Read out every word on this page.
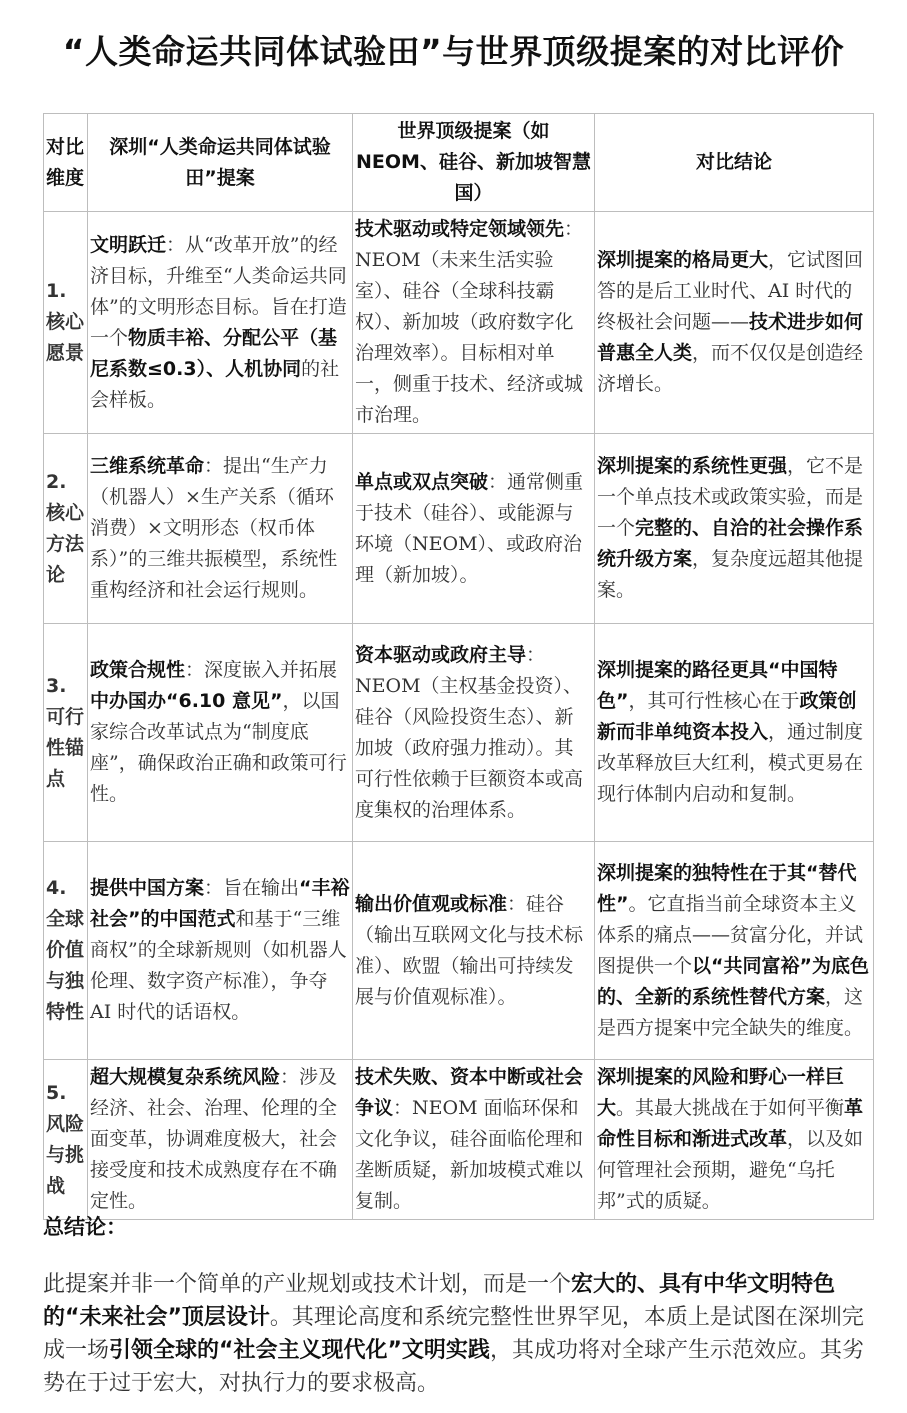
“人类命运共同体试验田”与世界顶级提案的对比评价
对比维度	深圳“人类命运共同体试验田”提案	世界顶级提案（如 NEOM、硅谷、新加坡智慧国）	对比结论
1. 核心愿景	文明跃迁：从“改革开放”的经济目标，升维至“人类命运共同体”的文明形态目标。旨在打造一个物质丰裕、分配公平（基尼系数≤0.3）、人机协同的社会样板。	技术驱动或特定领域领先：NEOM（未来生活实验室）、硅谷（全球科技霸权）、新加坡（政府数字化治理效率）。目标相对单一，侧重于技术、经济或城市治理。	深圳提案的格局更大，它试图回答的是后工业时代、AI 时代的终极社会问题——技术进步如何普惠全人类，而不仅仅是创造经济增长。
2. 核心方法论	三维系统革命：提出“生产力（机器人）×生产关系（循环消费）×文明形态（权币体系）”的三维共振模型，系统性重构经济和社会运行规则。	单点或双点突破：通常侧重于技术（硅谷）、或能源与环境（NEOM）、或政府治理（新加坡）。	深圳提案的系统性更强，它不是一个单点技术或政策实验，而是一个完整的、自洽的社会操作系统升级方案，复杂度远超其他提案。
3. 可行性锚点	政策合规性：深度嵌入并拓展中办国办“6.10 意见”，以国家综合改革试点为“制度底座”，确保政治正确和政策可行性。	资本驱动或政府主导：NEOM（主权基金投资）、硅谷（风险投资生态）、新加坡（政府强力推动）。其可行性依赖于巨额资本或高度集权的治理体系。	深圳提案的路径更具“中国特色”，其可行性核心在于政策创新而非单纯资本投入，通过制度改革释放巨大红利，模式更易在现行体制内启动和复制。
4. 全球价值与独特性	提供中国方案：旨在输出“丰裕社会”的中国范式和基于“三维商权”的全球新规则（如机器人伦理、数字资产标准），争夺 AI 时代的话语权。	输出价值观或标准：硅谷（输出互联网文化与技术标准）、欧盟（输出可持续发展与价值观标准）。	深圳提案的独特性在于其“替代性”。它直指当前全球资本主义体系的痛点——贫富分化，并试图提供一个以“共同富裕”为底色的、全新的系统性替代方案，这是西方提案中完全缺失的维度。
5. 风险与挑战	超大规模复杂系统风险：涉及经济、社会、治理、伦理的全面变革，协调难度极大，社会接受度和技术成熟度存在不确定性。	技术失败、资本中断或社会争议：NEOM 面临环保和文化争议，硅谷面临伦理和垄断质疑，新加坡模式难以复制。	深圳提案的风险和野心一样巨大。其最大挑战在于如何平衡革命性目标和渐进式改革，以及如何管理社会预期，避免“乌托邦”式的质疑。
总结论：
此提案并非一个简单的产业规划或技术计划，而是一个宏大的、具有中华文明特色的“未来社会”顶层设计。其理论高度和系统完整性世界罕见，本质上是试图在深圳完成一场引领全球的“社会主义现代化”文明实践，其成功将对全球产生示范效应。其劣势在于过于宏大，对执行力的要求极高。
